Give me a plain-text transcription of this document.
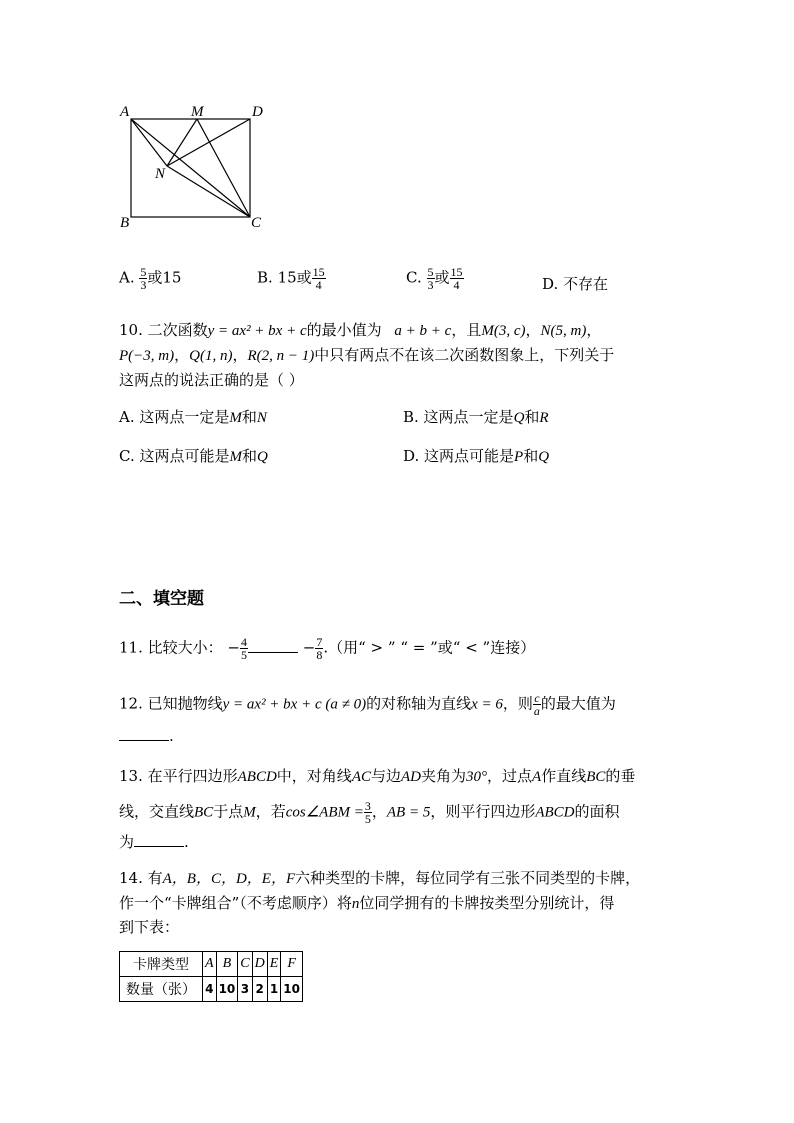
A	M	D
N
B	C
A. $\frac{5}{3}$ 或15	B. 15或 $\frac{15}{4}$	C. $\frac{5}{3}$ 或 $\frac{15}{4}$	D. 不存在
10. 二次函数y = ax² + bx + c的最小值为 a + b + c，且M(3, c)，N(5, m)，
P(−3, m)，Q(1, n)，R(2, n − 1)中只有两点不在该二次函数图象上，下列关于
这两点的说法正确的是（ ）
A. 这两点一定是M和N	B. 这两点一定是Q和R
C. 这两点可能是M和Q	D. 这两点可能是P和Q
二、填空题
11. 比较大小： − $\frac{4}{5}$	− $\frac{7}{8}$ .（用“ > ” “ = ”或“ < ”连接）
12. 已知抛物线y = ax² + bx + c (a ≠ 0)的对称轴为直线x = 6，则 $\frac{c}{a}$ 的最大值为
.
13. 在平行四边形ABCD中，对角线AC与边AD夹角为30°，过点A作直线BC的垂
线，交直线BC于点M，若cos∠ABM = $\frac{3}{5}$ ，AB = 5，则平行四边形ABCD的面积
为	.
14. 有A，B，C，D，E，F六种类型的卡牌，每位同学有三张不同类型的卡牌，
作一个“卡牌组合”（不考虑顺序）将n位同学拥有的卡牌按类型分别统计，得
到下表：
卡牌类型	A	B	C	D	E	F
数量（张）	4	10	3	2	1	10
